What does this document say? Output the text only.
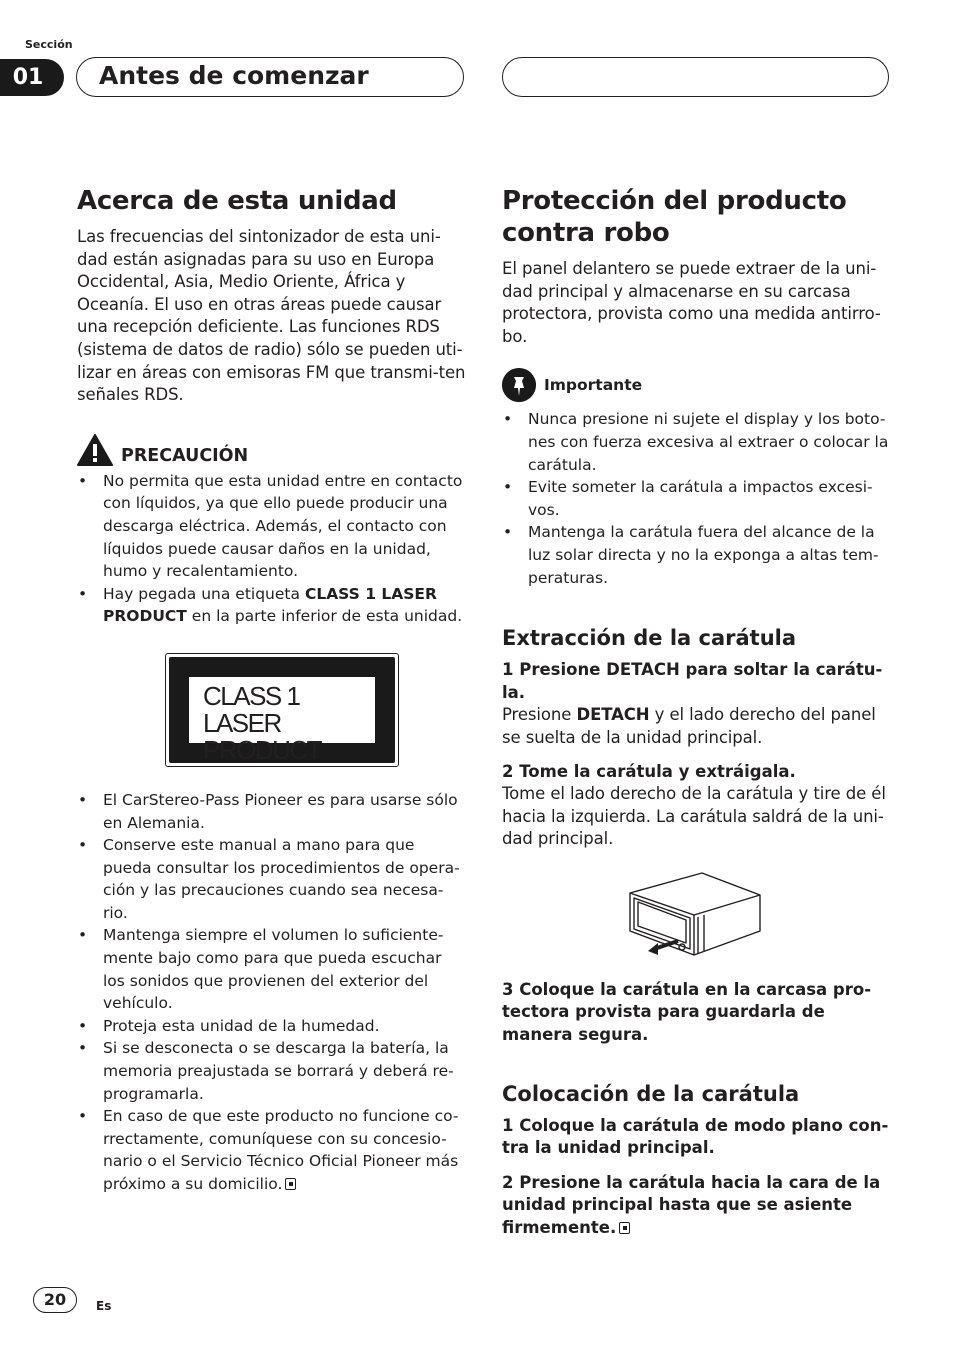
Sección
01	Antes de comenzar
Acerca de esta unidad

Las frecuencias del sintonizador de esta uni-dad están asignadas para su uso en Europa Occidental, Asia, Medio Oriente, África y Oceanía. El uso en otras áreas puede causar una recepción deficiente. Las funciones RDS (sistema de datos de radio) sólo se pueden uti-lizar en áreas con emisoras FM que transmi-ten señales RDS.

PRECAUCIÓN
• No permita que esta unidad entre en contacto con líquidos, ya que ello puede producir una descarga eléctrica. Además, el contacto con líquidos puede causar daños en la unidad, humo y recalentamiento.
• Hay pegada una etiqueta CLASS 1 LASER PRODUCT en la parte inferior de esta unidad.
CLASS 1
LASER PRODUCT
• El CarStereo-Pass Pioneer es para usarse sólo en Alemania.
• Conserve este manual a mano para que pueda consultar los procedimientos de opera-ción y las precauciones cuando sea necesa-rio.
• Mantenga siempre el volumen lo suficiente-mente bajo como para que pueda escuchar los sonidos que provienen del exterior del vehículo.
• Proteja esta unidad de la humedad.
• Si se desconecta o se descarga la batería, la memoria preajustada se borrará y deberá re-programarla.
• En caso de que este producto no funcione co-rrectamente, comuníquese con su concesio-nario o el Servicio Técnico Oficial Pioneer más próximo a su domicilio.
Protección del producto contra robo

El panel delantero se puede extraer de la uni-dad principal y almacenarse en su carcasa protectora, provista como una medida antirro-bo.

Importante
• Nunca presione ni sujete el display y los boto-nes con fuerza excesiva al extraer o colocar la carátula.
• Evite someter la carátula a impactos excesi-vos.
• Mantenga la carátula fuera del alcance de la luz solar directa y no la exponga a altas tem-peraturas.
Extracción de la carátula

1 Presione DETACH para soltar la carátu-la.

Presione DETACH y el lado derecho del panel se suelta de la unidad principal.

2 Tome la carátula y extráigala.

Tome el lado derecho de la carátula y tire de él hacia la izquierda. La carátula saldrá de la uni-dad principal.

3 Coloque la carátula en la carcasa pro-tectora provista para guardarla de manera segura.

Colocación de la carátula

1 Coloque la carátula de modo plano con-tra la unidad principal.

2 Presione la carátula hacia la cara de la unidad principal hasta que se asiente firmemente.

20	Es
